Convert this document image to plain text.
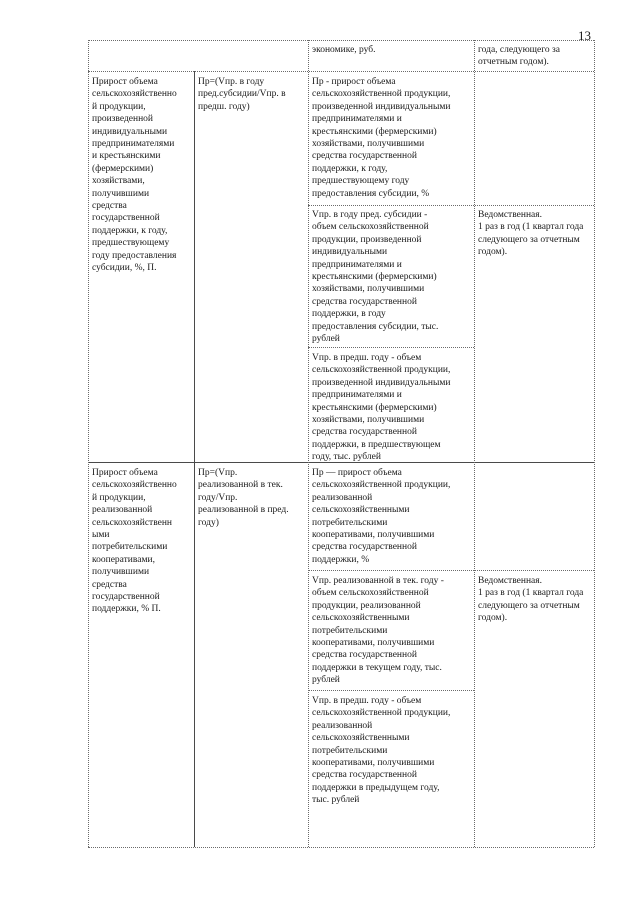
13
экономике, руб.	года, следующего за
отчетным годом).
Прирост объема
сельскохозяйственно
й продукции,
произведенной
индивидуальными
предпринимателями
и крестьянскими
(фермерскими)
хозяйствами,
получившими
средства
государственной
поддержки, к году,
предшествующему
году предоставления
субсидии, %, П.
Пр=(Vпр. в году
пред.субсидии/Vпр. в
предш. году)
Пр - прирост объема
сельскохозяйственной продукции,
произведенной индивидуальными
предпринимателями и
крестьянскими (фермерскими)
хозяйствами, получившими
средства государственной
поддержки, к году,
предшествующему году
предоставления субсидии, %
Vпр. в году пред. субсидии -
объем сельскохозяйственной
продукции, произведенной
индивидуальными
предпринимателями и
крестьянскими (фермерскими)
хозяйствами, получившими
средства государственной
поддержки, в году
предоставления субсидии, тыс.
рублей
Vпр. в предш. году - объем
сельскохозяйственной продукции,
произведенной индивидуальными
предпринимателями и
крестьянскими (фермерскими)
хозяйствами, получившими
средства государственной
поддержки, в предшествующем
году, тыс. рублей
Ведомственная.
1 раз в год (1 квартал года
следующего за отчетным
годом).
Прирост объема
сельскохозяйственно
й продукции,
реализованной
сельскохозяйственн
ыми
потребительскими
кооперативами,
получившими
средства
государственной
поддержки, % П.
Пр=(Vпр.
реализованной в тек.
году/Vпр.
реализованной в пред.
году)
Пр — прирост объема
сельскохозяйственной продукции,
реализованной
сельскохозяйственными
потребительскими
кооперативами, получившими
средства государственной
поддержки, %
Vпр. реализованной в тек. году -
объем сельскохозяйственной
продукции, реализованной
сельскохозяйственными
потребительскими
кооперативами, получившими
средства государственной
поддержки в текущем году, тыс.
рублей
Vпр. в предш. году - объем
сельскохозяйственной продукции,
реализованной
сельскохозяйственными
потребительскими
кооперативами, получившими
средства государственной
поддержки в предыдущем году,
тыс. рублей
Ведомственная.
1 раз в год (1 квартал года
следующего за отчетным
годом).
